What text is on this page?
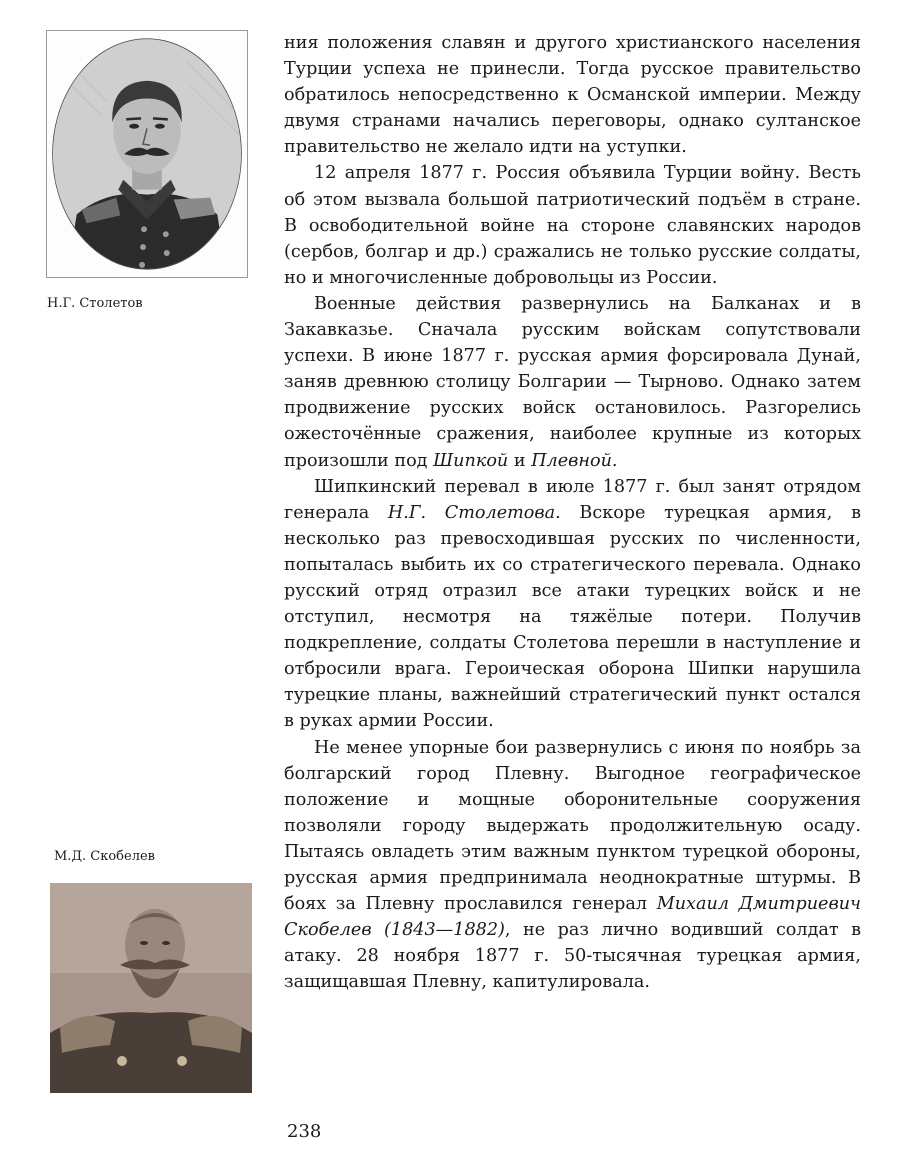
Н.Г. Столетов
М.Д. Скобелев

ния положения славян и другого христианского населения Турции успеха не принесли. Тогда русское правительство обратилось непосредственно к Османской империи. Между двумя странами начались переговоры, однако султанское правительство не желало идти на уступки.

12 апреля 1877 г. Россия объявила Турции войну. Весть об этом вызвала большой патриотический подъём в стране. В освободительной войне на стороне славянских народов (сербов, болгар и др.) сражались не только русские солдаты, но и многочисленные добровольцы из России.

Военные действия развернулись на Балканах и в Закавказье. Сначала русским войскам сопутствовали успехи. В июне 1877 г. русская армия форсировала Дунай, заняв древнюю столицу Болгарии — Тырново. Однако затем продвижение русских войск остановилось. Разгорелись ожесточённые сражения, наиболее крупные из которых произошли под Шипкой и Плевной.

Шипкинский перевал в июле 1877 г. был занят отрядом генерала Н.Г. Столетова. Вскоре турецкая армия, в несколько раз превосходившая русских по численности, попыталась выбить их со стратегического перевала. Однако русский отряд отразил все атаки турецких войск и не отступил, несмотря на тяжёлые потери. Получив подкрепление, солдаты Столетова перешли в наступление и отбросили врага. Героическая оборона Шипки нарушила турецкие планы, важнейший стратегический пункт остался в руках армии России.

Не менее упорные бои развернулись с июня по ноябрь за болгарский город Плевну. Выгодное географическое положение и мощные оборонительные сооружения позволяли городу выдержать продолжительную осаду. Пытаясь овладеть этим важным пунктом турецкой обороны, русская армия предпринимала неоднократные штурмы. В боях за Плевну прославился генерал Михаил Дмитриевич Скобелев (1843—1882), не раз лично водивший солдат в атаку. 28 ноября 1877 г. 50-тысячная турецкая армия, защищавшая Плевну, капитулировала.

238
